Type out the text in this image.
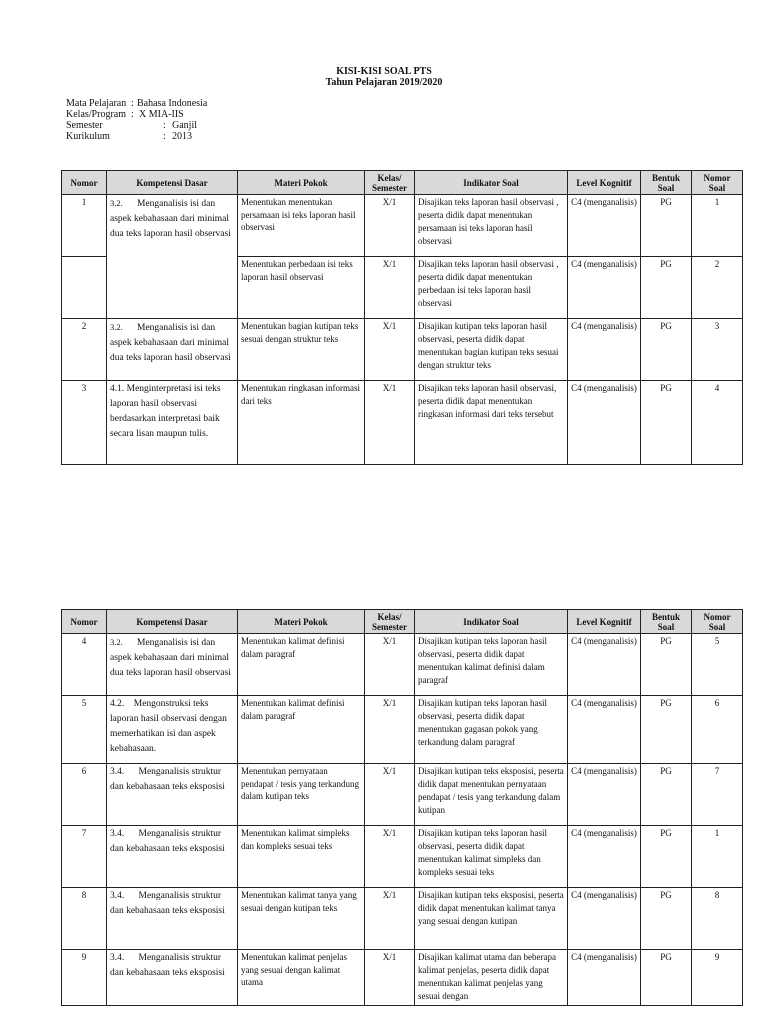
KISI-KISI SOAL PTS
Tahun Pelajaran 2019/2020
Mata Pelajaran : Bahasa Indonesia
Kelas/Program : X MIA-IIS
Semester	: Ganjil
Kurikulum	: 2013
Nomor	Kompetensi Dasar	Materi Pokok	Kelas/ Semester	Indikator Soal	Level Kognitif	Bentuk Soal	Nomor Soal
1	3.2. Menganalisis isi dan aspek kebahasaan dari minimal dua teks laporan hasil observasi	Menentukan menentukan persamaan isi teks laporan hasil observasi	X/1	Disajikan teks laporan hasil observasi , peserta didik dapat menentukan persamaan isi teks laporan hasil observasi	C4 (menganalisis)	PG	1
		Menentukan perbedaan isi teks laporan hasil observasi	X/1	Disajikan teks laporan hasil observasi , peserta didik dapat menentukan perbedaan isi teks laporan hasil observasi	C4 (menganalisis)	PG	2
2	3.2. Menganalisis isi dan aspek kebahasaan dari minimal dua teks laporan hasil observasi	Menentukan bagian kutipan teks sesuai dengan struktur teks	X/1	Disajikan kutipan teks laporan hasil observasi, peserta didik dapat menentukan bagian kutipan teks sesuai dengan struktur teks	C4 (menganalisis)	PG	3
3	4.1. Menginterpretasi isi teks laporan hasil observasi berdasarkan interpretasi baik secara lisan maupun tulis.	Menentukan ringkasan informasi dari teks	X/1	Disajikan teks laporan hasil observasi, peserta didik dapat menentukan ringkasan informasi dari teks tersebut	C4 (menganalisis)	PG	4
Nomor	Kompetensi Dasar	Materi Pokok	Kelas/ Semester	Indikator Soal	Level Kognitif	Bentuk Soal	Nomor Soal
4	3.2. Menganalisis isi dan aspek kebahasaan dari minimal dua teks laporan hasil observasi	Menentukan kalimat definisi dalam paragraf	X/1	Disajikan kutipan teks laporan hasil observasi, peserta didik dapat menentukan kalimat definisi dalam paragraf	C4 (menganalisis)	PG	5
5	4.2. Mengonstruksi teks laporan hasil observasi dengan memerhatikan isi dan aspek kebahasaan.	Menentukan kalimat definisi dalam paragraf	X/1	Disajikan kutipan teks laporan hasil observasi, peserta didik dapat menentukan gagasan pokok yang terkandung dalam paragraf	C4 (menganalisis)	PG	6
6	3.4. Menganalisis struktur dan kebahasaan teks eksposisi	Menentukan pernyataan pendapat / tesis yang terkandung dalam kutipan teks	X/1	Disajikan kutipan teks eksposisi, peserta didik dapat menentukan pernyataan pendapat / tesis yang terkandung dalam kutipan	C4 (menganalisis)	PG	7
7	3.4. Menganalisis struktur dan kebahasaan teks eksposisi	Menentukan kalimat simpleks dan kompleks sesuai teks	X/1	Disajikan kutipan teks laporan hasil observasi, peserta didik dapat menentukan kalimat simpleks dan kompleks sesuai teks	C4 (menganalisis)	PG	1
8	3.4. Menganalisis struktur dan kebahasaan teks eksposisi	Menentukan kalimat tanya yang sesuai dengan kutipan teks	X/1	Disajikan kutipan teks eksposisi, peserta didik dapat menentukan kalimat tanya yang sesuai dengan kutipan	C4 (menganalisis)	PG	8
9	3.4. Menganalisis struktur dan kebahasaan teks eksposisi	Menentukan kalimat penjelas yang sesuai dengan kalimat utama	X/1	Disajikan kalimat utama dan beberapa kalimat penjelas, peserta didik dapat menentukan kalimat penjelas yang sesuai dengan	C4 (menganalisis)	PG	9
